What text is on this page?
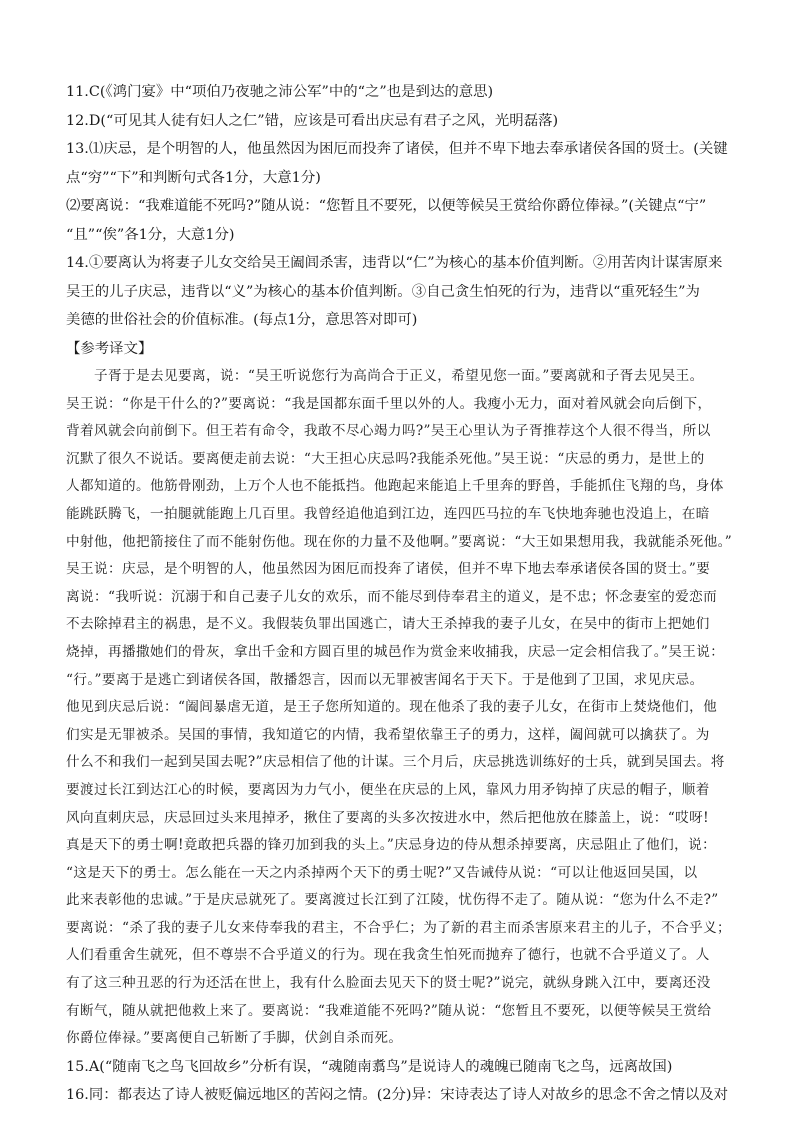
11.C(《鸿门宴》中“项伯乃夜驰之沛公军”中的“之”也是到达的意思)
12.D(“可见其人徒有妇人之仁”错，应该是可看出庆忌有君子之风，光明磊落)
13.⑴庆忌，是个明智的人，他虽然因为困厄而投奔了诸侯，但并不卑下地去奉承诸侯各国的贤士。(关键
点“穷”“下”和判断句式各1分，大意1分)
⑵要离说：“我难道能不死吗?”随从说：“您暂且不要死，以便等候吴王赏给你爵位俸禄。”(关键点“宁”
“且”“俟”各1分，大意1分)
14.①要离认为将妻子儿女交给吴王阖闾杀害，违背以“仁”为核心的基本价值判断。②用苦肉计谋害原来
吴王的儿子庆忌，违背以“义”为核心的基本价值判断。③自己贪生怕死的行为，违背以“重死轻生”为
美德的世俗社会的价值标准。(每点1分，意思答对即可)
【参考译文】
子胥于是去见要离，说：“吴王听说您行为高尚合于正义，希望见您一面。”要离就和子胥去见吴王。
吴王说：“你是干什么的?”要离说：“我是国都东面千里以外的人。我瘦小无力，面对着风就会向后倒下，
背着风就会向前倒下。但王若有命令，我敢不尽心竭力吗?”吴王心里认为子胥推荐这个人很不得当，所以
沉默了很久不说话。要离便走前去说：“大王担心庆忌吗?我能杀死他。”吴王说：“庆忌的勇力，是世上的
人都知道的。他筋骨刚劲，上万个人也不能抵挡。他跑起来能追上千里奔的野兽，手能抓住飞翔的鸟，身体
能跳跃腾飞，一拍腿就能跑上几百里。我曾经追他追到江边，连四匹马拉的车飞快地奔驰也没追上，在暗
中射他，他把箭接住了而不能射伤他。现在你的力量不及他啊。”要离说：“大王如果想用我，我就能杀死他。”
吴王说：庆忌，是个明智的人，他虽然因为困厄而投奔了诸侯，但并不卑下地去奉承诸侯各国的贤士。”要
离说：“我听说：沉溺于和自己妻子儿女的欢乐，而不能尽到侍奉君主的道义，是不忠；怀念妻室的爱恋而
不去除掉君主的祸患，是不义。我假装负罪出国逃亡，请大王杀掉我的妻子儿女，在吴中的街市上把她们
烧掉，再播撒她们的骨灰，拿出千金和方圆百里的城邑作为赏金来收捕我，庆忌一定会相信我了。”吴王说：
“行。”要离于是逃亡到诸侯各国，散播怨言，因而以无罪被害闻名于天下。于是他到了卫国，求见庆忌。
他见到庆忌后说：“阖闾暴虐无道，是王子您所知道的。现在他杀了我的妻子儿女，在街市上焚烧他们，他
们实是无罪被杀。吴国的事情，我知道它的内情，我希望依靠王子的勇力，这样，阖闾就可以擒获了。为
什么不和我们一起到吴国去呢?”庆忌相信了他的计谋。三个月后，庆忌挑选训练好的士兵，就到吴国去。将
要渡过长江到达江心的时候，要离因为力气小，便坐在庆忌的上风，靠风力用矛钩掉了庆忌的帽子，顺着
风向直刺庆忌，庆忌回过头来甩掉矛，揪住了要离的头多次按进水中，然后把他放在膝盖上，说：“哎呀!
真是天下的勇士啊!竟敢把兵器的锋刃加到我的头上。”庆忌身边的侍从想杀掉要离，庆忌阻止了他们，说：
“这是天下的勇士。怎么能在一天之内杀掉两个天下的勇士呢?”又告诫侍从说：“可以让他返回吴国，以
此来表彰他的忠诚。”于是庆忌就死了。要离渡过长江到了江陵，忧伤得不走了。随从说：“您为什么不走?”
要离说：“杀了我的妻子儿女来侍奉我的君主，不合乎仁；为了新的君主而杀害原来君主的儿子，不合乎义；
人们看重舍生就死，但不尊崇不合乎道义的行为。现在我贪生怕死而抛弃了德行，也就不合乎道义了。人
有了这三种丑恶的行为还活在世上，我有什么脸面去见天下的贤士呢?”说完，就纵身跳入江中，要离还没
有断气，随从就把他救上来了。要离说：“我难道能不死吗?”随从说：“您暂且不要死，以便等候吴王赏给
你爵位俸禄。”要离便自己斩断了手脚，伏剑自杀而死。
15.A(“随南飞之鸟飞回故乡”分析有误，“魂随南翥鸟”是说诗人的魂魄已随南飞之鸟，远离故国)
16.同：都表达了诗人被贬偏远地区的苦闷之情。(2分)异：宋诗表达了诗人对故乡的思念不舍之情以及对
